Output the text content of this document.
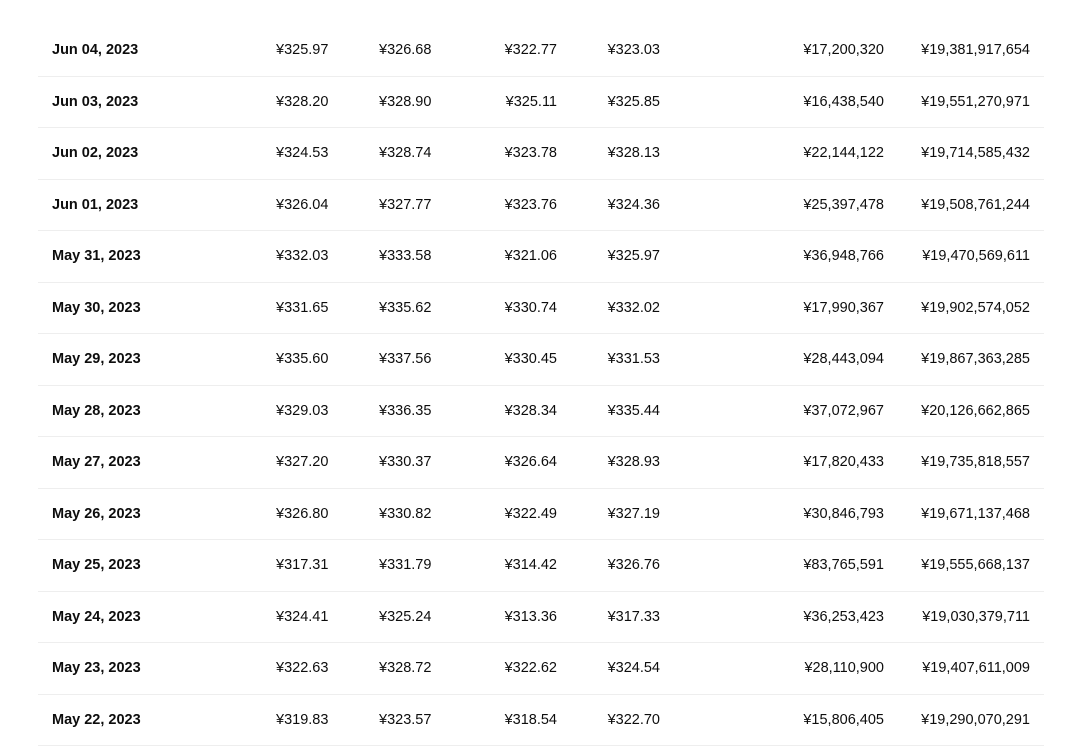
Jun 04, 2023	¥325.97	¥326.68	¥322.77	¥323.03	¥17,200,320	¥19,381,917,654
Jun 03, 2023	¥328.20	¥328.90	¥325.11	¥325.85	¥16,438,540	¥19,551,270,971
Jun 02, 2023	¥324.53	¥328.74	¥323.78	¥328.13	¥22,144,122	¥19,714,585,432
Jun 01, 2023	¥326.04	¥327.77	¥323.76	¥324.36	¥25,397,478	¥19,508,761,244
May 31, 2023	¥332.03	¥333.58	¥321.06	¥325.97	¥36,948,766	¥19,470,569,611
May 30, 2023	¥331.65	¥335.62	¥330.74	¥332.02	¥17,990,367	¥19,902,574,052
May 29, 2023	¥335.60	¥337.56	¥330.45	¥331.53	¥28,443,094	¥19,867,363,285
May 28, 2023	¥329.03	¥336.35	¥328.34	¥335.44	¥37,072,967	¥20,126,662,865
May 27, 2023	¥327.20	¥330.37	¥326.64	¥328.93	¥17,820,433	¥19,735,818,557
May 26, 2023	¥326.80	¥330.82	¥322.49	¥327.19	¥30,846,793	¥19,671,137,468
May 25, 2023	¥317.31	¥331.79	¥314.42	¥326.76	¥83,765,591	¥19,555,668,137
May 24, 2023	¥324.41	¥325.24	¥313.36	¥317.33	¥36,253,423	¥19,030,379,711
May 23, 2023	¥322.63	¥328.72	¥322.62	¥324.54	¥28,110,900	¥19,407,611,009
May 22, 2023	¥319.83	¥323.57	¥318.54	¥322.70	¥15,806,405	¥19,290,070,291
